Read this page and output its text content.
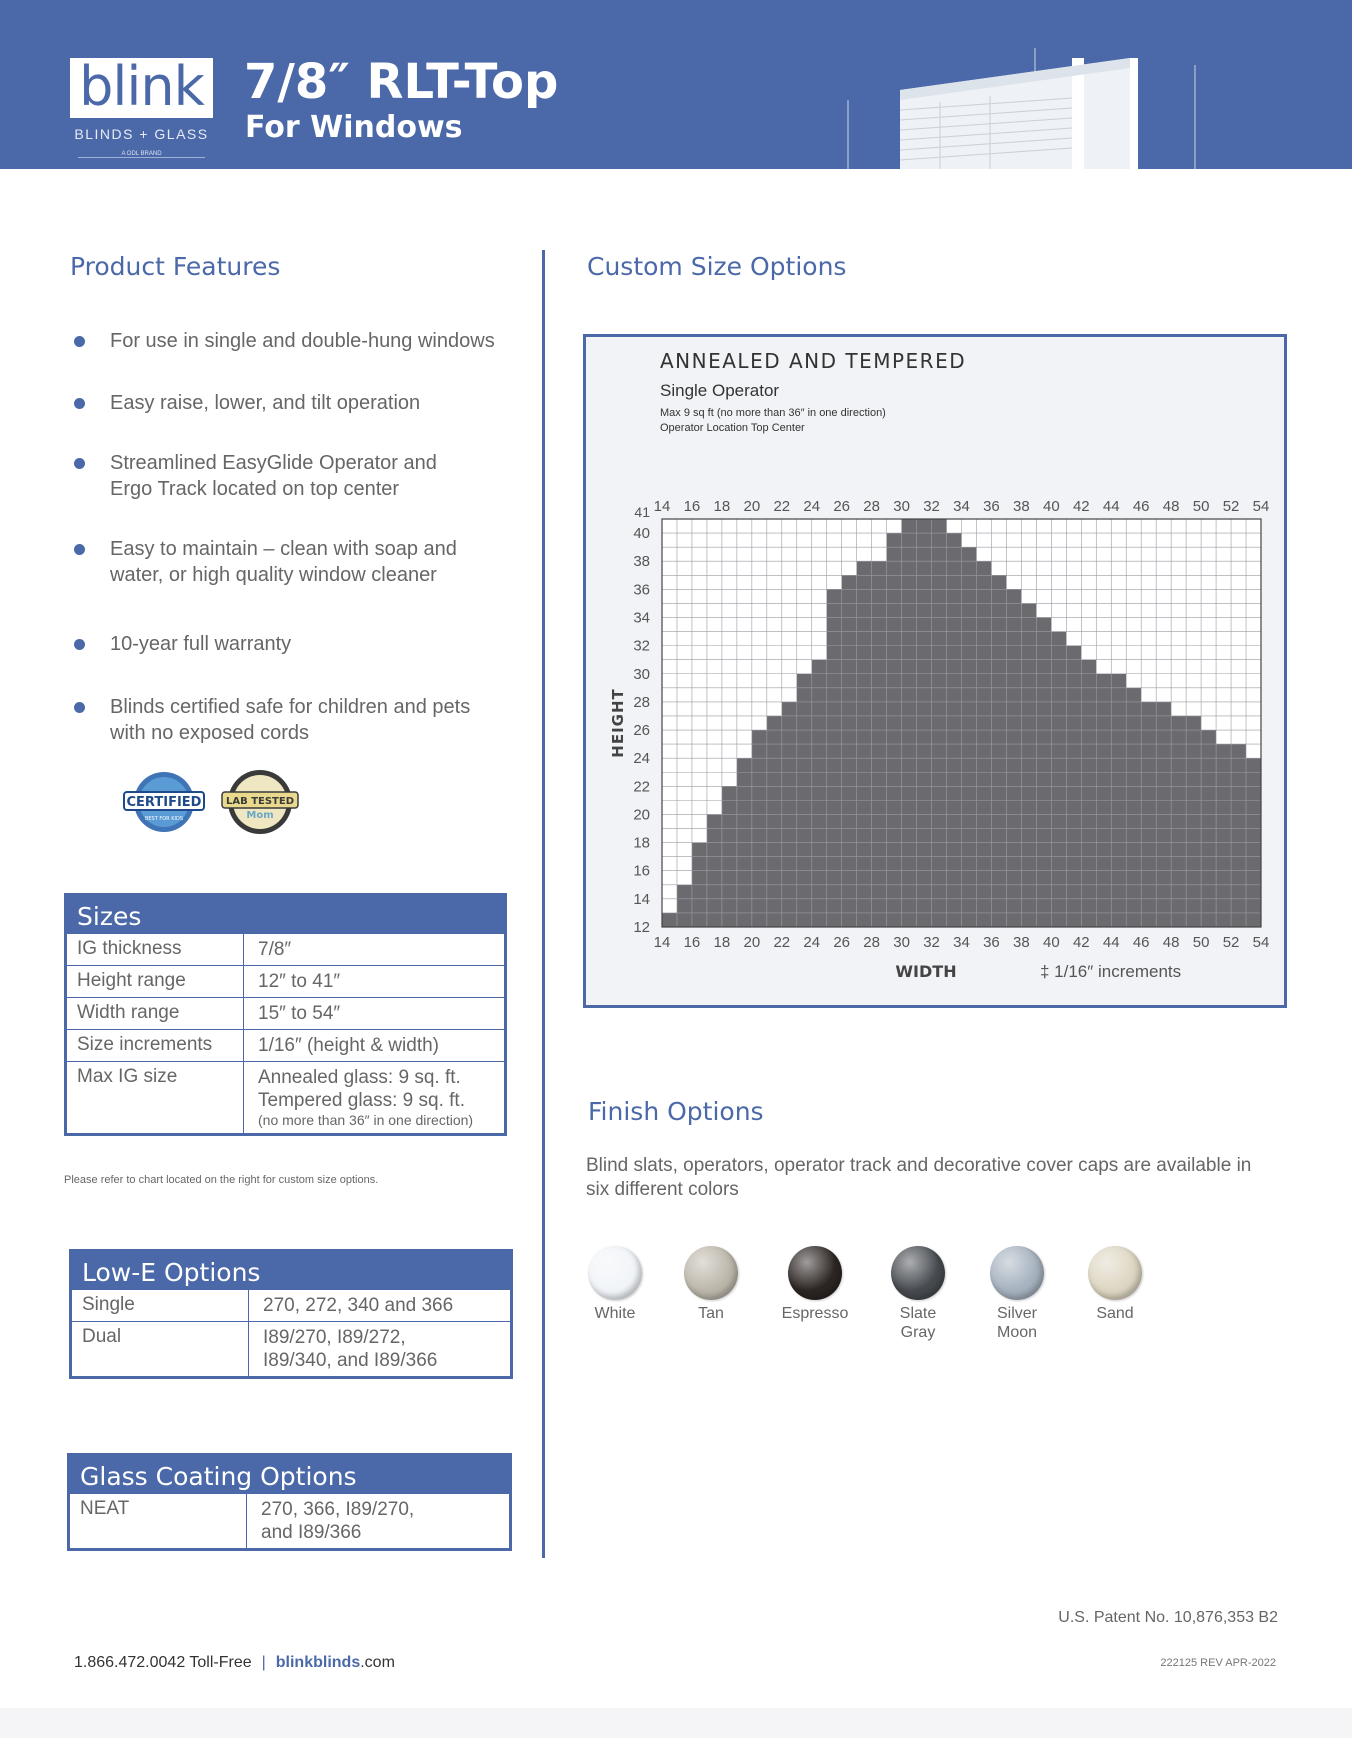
blink
BLINDS + GLASS
A ODL BRAND
7/8″ RLT-Top
For Windows
Product Features
For use in single and double-hung windows
Easy raise, lower, and tilt operation
Streamlined EasyGlide Operator and Ergo Track located on top center
Easy to maintain – clean with soap and water, or high quality window cleaner
10-year full warranty
Blinds certified safe for children and pets with no exposed cords
CERTIFIED
BEST FOR KIDS
LAB TESTED
Mom
Sizes
IG thickness	7/8″
Height range	12″ to 41″
Width range	15″ to 54″
Size increments	1/16″ (height & width)
Max IG size	Annealed glass: 9 sq. ft.
Tempered glass: 9 sq. ft.
(no more than 36″ in one direction)
Please refer to chart located on the right for custom size options.
Low-E Options
Single	270, 272, 340 and 366
Dual	I89/270, I89/272,
I89/340, and I89/366
Glass Coating Options
NEAT	270, 366, I89/270,
and I89/366
Custom Size Options
14
14
16
16
18
18
20
20
22
22
24
24
26
26
28
28
30
30
32
32
34
34
36
36
38
38
40
40
42
42
44
44
46
46
48
48
50
50
52
52
54
54
12
14
16
18
20
22
24
26
28
30
32
34
36
38
40
41
HEIGHT
WIDTH	‡ 1/16″ increments
ANNEALED AND TEMPERED
Single Operator
Max 9 sq ft (no more than 36″ in one direction)
Operator Location Top Center
Finish Options
Blind slats, operators, operator track and decorative cover caps are available in six different colors
White	Tan	Espresso	Slate
Gray
Silver
Moon
Sand
U.S. Patent No. 10,876,353 B2
1.866.472.0042 Toll-Free | blinkblinds.com	222125 REV APR-2022
